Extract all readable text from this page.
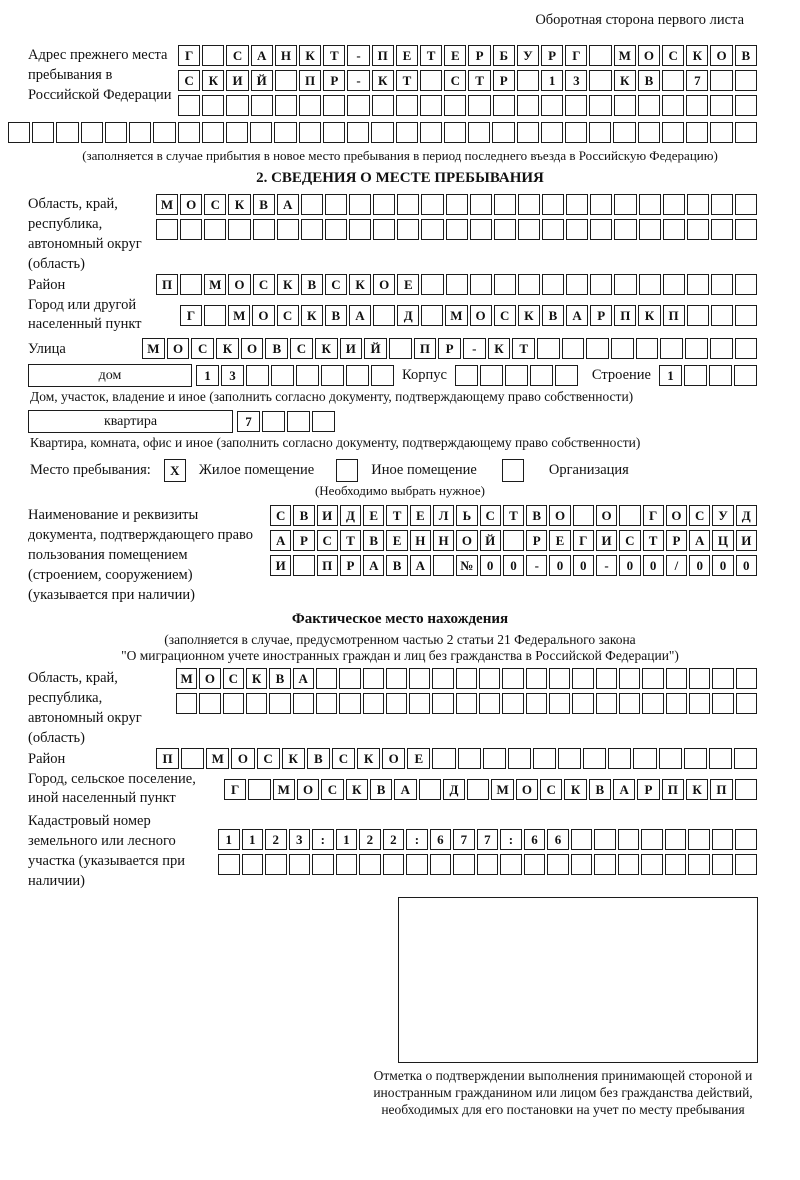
Оборотная сторона первого листа
Адрес прежнего места пребывания в Российской Федерации
Г	С	А	Н	К	Т	-	П	Е	Т	Е	Р	Б	У	Р	Г	М	О	С	К	О	В
С	К	И	Й	П	Р	-	К	Т	С	Т	Р	1	3	К	В	7
(заполняется в случае прибытия в новое место пребывания в период последнего въезда в Российскую Федерацию)
2. СВЕДЕНИЯ О МЕСТЕ ПРЕБЫВАНИЯ
Область, край, республика, автономный округ (область)
М О	С	К	В	А
Район	П	М О	С	К	В	С	К	О	Е
Город или другой населенный пункт
Г	М О	С	К	В	А	Д	М О	С	К	В	А	Р	П	К	П
Улица	М	О	С	К	О	В	С	К	И	Й	П	Р	-	К	Т
дом	1	3	Корпус	Строение	1
Дом, участок, владение и иное (заполнить согласно документу, подтверждающему право собственности)
квартира	7
Квартира, комната, офис и иное (заполнить согласно документу, подтверждающему право собственности)
Место пребывания:	X	Жилое помещение	Иное помещение	Организация
(Необходимо выбрать нужное)
Наименование и реквизиты документа, подтверждающего право пользования помещением (строением, сооружением) (указывается при наличии)
С	В	И	Д	Е	Т	Е	Л	Ь	С	Т	В	О	О	Г	О	С	У	Д
А	Р	С	Т	В	Е	Н	Н	О	Й	Р	Е	Г	И	С	Т	Р	А	Ц	И
И	П	Р	А	В	А	№	0	0	-	0	0	-	0	0	/	0	0	0
Фактическое место нахождения
(заполняется в случае, предусмотренном частью 2 статьи 21 Федерального закона
"О миграционном учете иностранных граждан и лиц без гражданства в Российской Федерации")
Область, край, республика, автономный округ (область)
М О	С	К	В	А
Район	П	М	О	С	К	В	С	К	О	Е
Город, сельское поселение, иной населенный пункт
Г	М	О	С	К	В	А	Д	М	О	С	К	В	А	Р	П	К	П
Кадастровый номер земельного или лесного участка (указывается при наличии)
1	1	2	3	:	1	2	2	:	6	7	7	:	6	6
Отметка о подтверждении выполнения принимающей стороной и иностранным гражданином или лицом без гражданства действий, необходимых для его постановки на учет по месту пребывания
